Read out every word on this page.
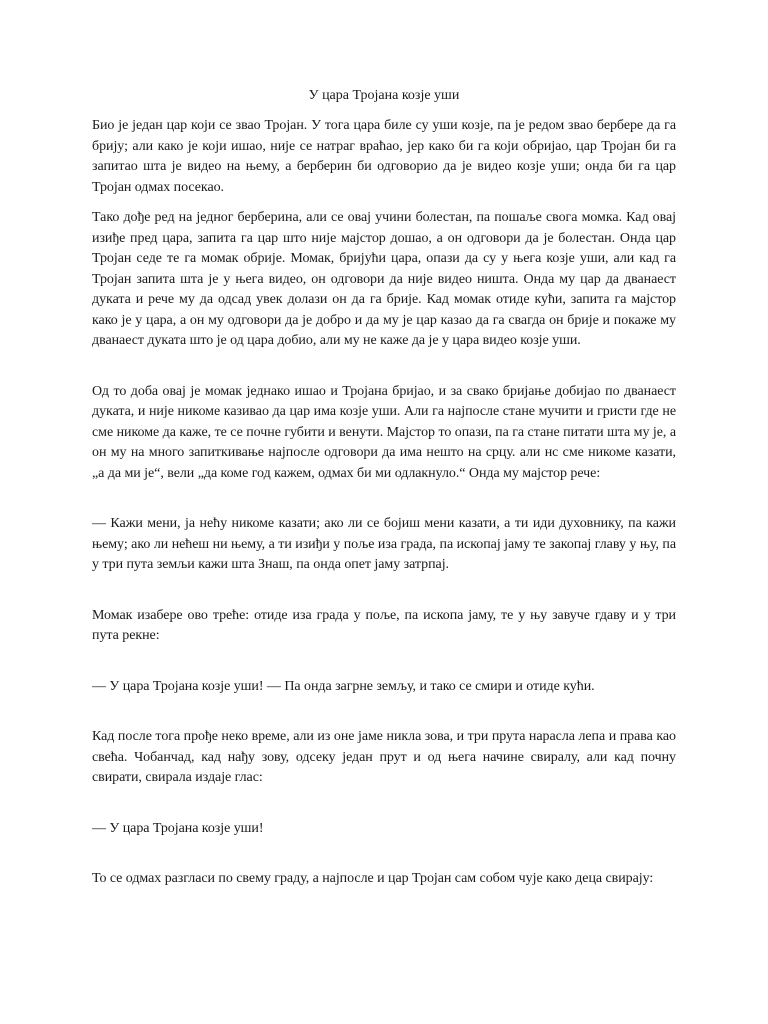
У цара Тројана козје уши

Био је један цар који се звао Тројан. У тога цара биле су уши козје, па је редом звао бербере да га брију; али како је који ишао, није се натраг враћао, јер како би га који обријао, цар Тројан би га запитао шта је видео на њему, а берберин би одговорио да је видео козје уши; онда би га цар Тројан одмах посекао.

Тако дође ред на једног берберина, али се овај учини болестан, па пошаље свога момка. Кад овај изиђе пред цара, запита га цар што није мајстор дошао, а он одговори да је болестан. Онда цар Тројан седе те га момак обрије. Момак, бријући цара, опази да су у њега козје уши, али кад га Тројан запита шта је у њега видео, он одговори да није видео ништа. Онда му цар да дванаест дуката и рече му да одсад увек долази он да га брије. Кад момак отиде кући, запита га мајстор како је у цара, а он му одговори да је добро и да му је цар казао да га свагда он брије и покаже му дванаест дуката што је од цара добио, али му не каже да је у цара видео козје уши.

Од то доба овај је момак једнако ишао и Тројана бријао, и за свако бријање добијао по дванаест дуката, и није никоме казивао да цар има козје уши. Али га најпосле стане мучити и гристи где не сме никоме да каже, те се почне губити и венути. Мајстор то опази, па га стане питати шта му је, а он му на много запиткивање најпосле одговори да има нешто на срцу. али нс сме никоме казати, „а да ми је“, вели „да коме год кажем, одмах би ми одлакнуло.“ Онда му мајстор рече:

— Кажи мени, ја нећу никоме казати; ако ли се бојиш мени казати, а ти иди духовнику, па кажи њему; ако ли нећеш ни њему, а ти изиђи у поље иза града, па ископај јаму те закопај главу у њу, па у три пута земљи кажи шта Знаш, па онда опет јаму затрпај.

Момак изабере ово треће: отиде иза града у поље, па ископа јаму, те у њу завуче гдаву и у три пута рекне:

— У цара Тројана козје уши! — Па онда загрне земљу, и тако се смири и отиде кући.

Кад после тога прође неко време, али из оне јаме никла зова, и три прута нарасла лепа и права као свећа. Чобанчад, кад нађу зову, одсеку један прут и од њега начине свиралу, али кад почну свирати, свирала издаје глас:

— У цара Тројана козје уши!

То се одмах разгласи по свему граду, а најпосле и цар Тројан сам собом чује како деца свирају:
